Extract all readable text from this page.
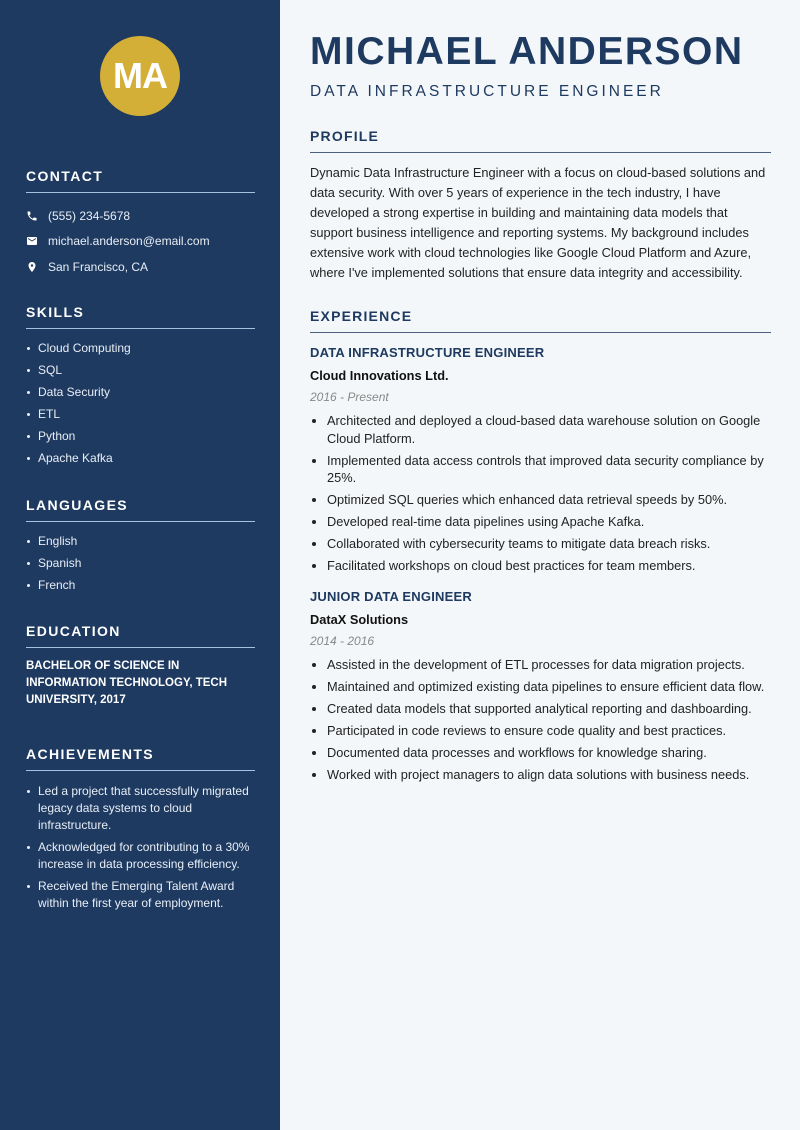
MA
CONTACT
(555) 234-5678
michael.anderson@email.com
San Francisco, CA
SKILLS
Cloud Computing
SQL
Data Security
ETL
Python
Apache Kafka
LANGUAGES
English
Spanish
French
EDUCATION

BACHELOR OF SCIENCE IN INFORMATION TECHNOLOGY, TECH UNIVERSITY, 2017

ACHIEVEMENTS
Led a project that successfully migrated legacy data systems to cloud infrastructure.
Acknowledged for contributing to a 30% increase in data processing efficiency.
Received the Emerging Talent Award within the first year of employment.
MICHAEL ANDERSON
DATA INFRASTRUCTURE ENGINEER
PROFILE

Dynamic Data Infrastructure Engineer with a focus on cloud-based solutions and data security. With over 5 years of experience in the tech industry, I have developed a strong expertise in building and maintaining data models that support business intelligence and reporting systems. My background includes extensive work with cloud technologies like Google Cloud Platform and Azure, where I've implemented solutions that ensure data integrity and accessibility.

EXPERIENCE
DATA INFRASTRUCTURE ENGINEER
Cloud Innovations Ltd.
2016 - Present
Architected and deployed a cloud-based data warehouse solution on Google Cloud Platform.
Implemented data access controls that improved data security compliance by 25%.
Optimized SQL queries which enhanced data retrieval speeds by 50%.
Developed real-time data pipelines using Apache Kafka.
Collaborated with cybersecurity teams to mitigate data breach risks.
Facilitated workshops on cloud best practices for team members.
JUNIOR DATA ENGINEER
DataX Solutions
2014 - 2016
Assisted in the development of ETL processes for data migration projects.
Maintained and optimized existing data pipelines to ensure efficient data flow.
Created data models that supported analytical reporting and dashboarding.
Participated in code reviews to ensure code quality and best practices.
Documented data processes and workflows for knowledge sharing.
Worked with project managers to align data solutions with business needs.
